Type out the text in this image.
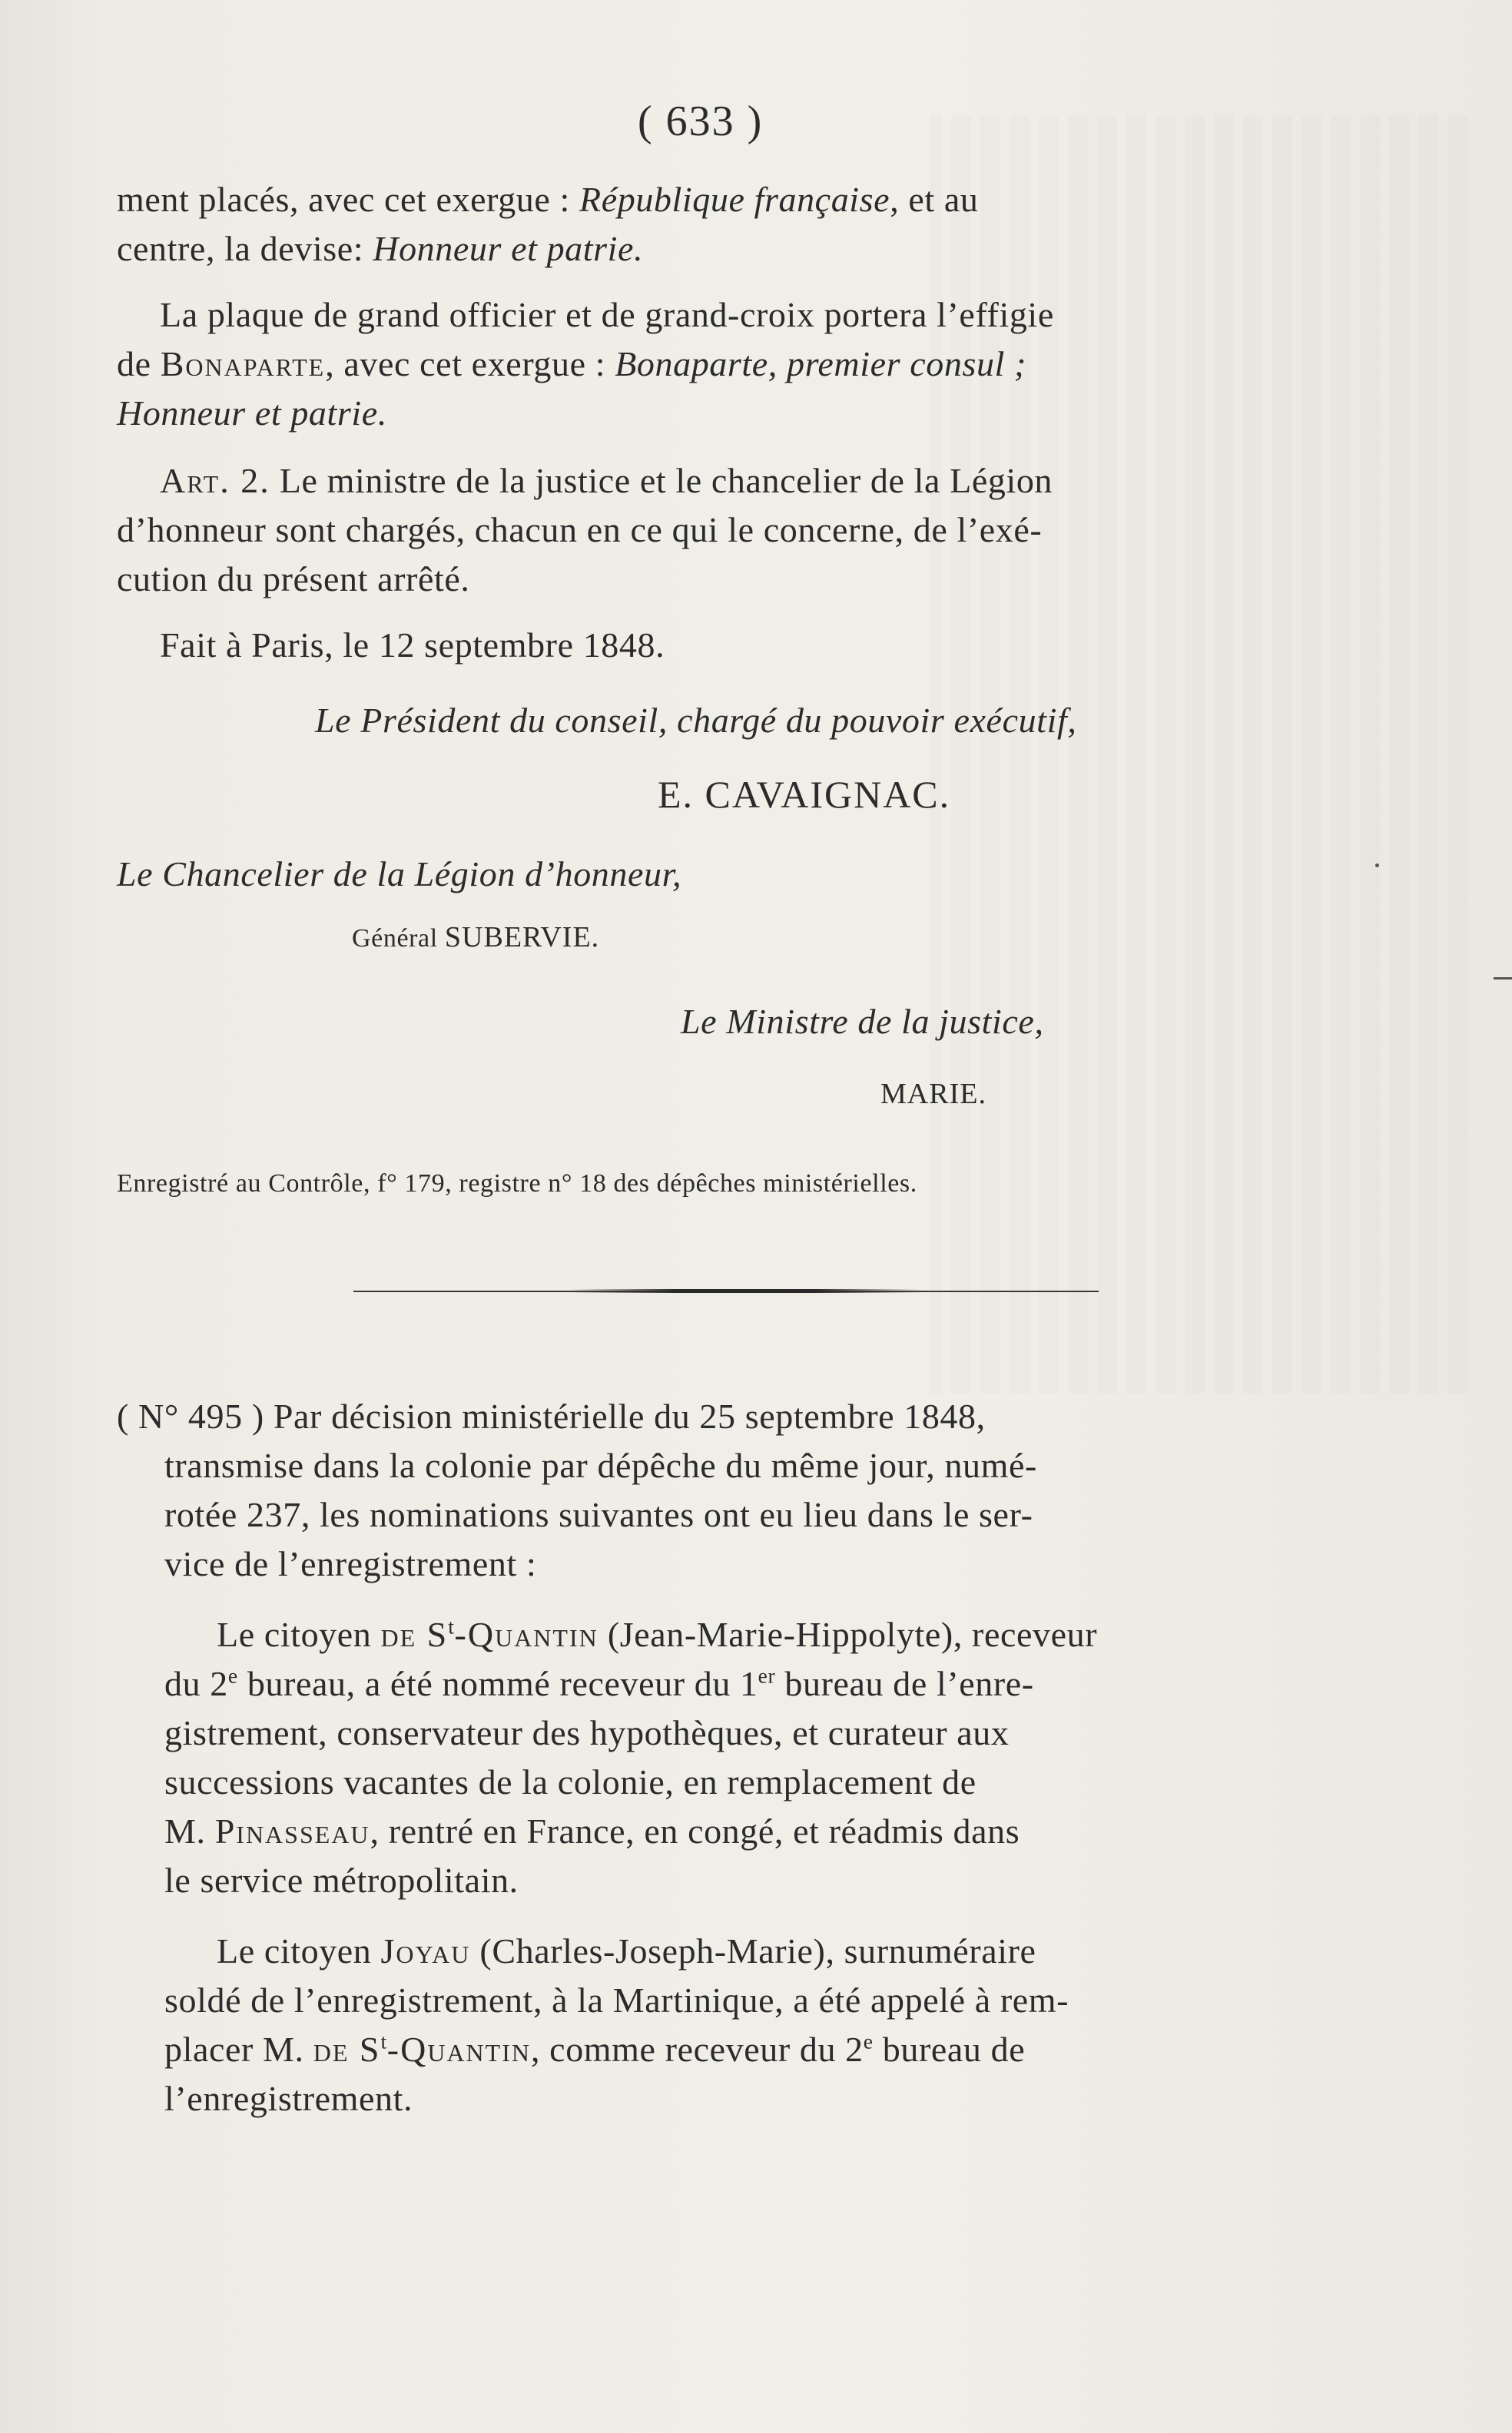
( 633 )
ment placés, avec cet exergue : République française, et au
centre, la devise: Honneur et patrie.
La plaque de grand officier et de grand-croix portera l’effigie
de Bonaparte, avec cet exergue : Bonaparte, premier consul ;
Honneur et patrie.
Art. 2. Le ministre de la justice et le chancelier de la Légion
d’honneur sont chargés, chacun en ce qui le concerne, de l’exé-
cution du présent arrêté.
Fait à Paris, le 12 septembre 1848.
Le Président du conseil, chargé du pouvoir exécutif,
E. CAVAIGNAC.
Le Chancelier de la Légion d’honneur,
Général SUBERVIE.
Le Ministre de la justice,
MARIE.
Enregistré au Contrôle, f° 179, registre n° 18 des dépêches ministérielles.
( N° 495 ) Par décision ministérielle du 25 septembre 1848,
transmise dans la colonie par dépêche du même jour, numé-
rotée 237, les nominations suivantes ont eu lieu dans le ser-
vice de l’enregistrement :
Le citoyen de $S^t$-Quantin (Jean-Marie-Hippolyte), receveur
du 2e bureau, a été nommé receveur du 1er bureau de l’enre-
gistrement, conservateur des hypothèques, et curateur aux
successions vacantes de la colonie, en remplacement de
M. Pinasseau, rentré en France, en congé, et réadmis dans
le service métropolitain.
Le citoyen Joyau (Charles-Joseph-Marie), surnuméraire
soldé de l’enregistrement, à la Martinique, a été appelé à rem-
placer M. de $S^t$-Quantin, comme receveur du 2e bureau de
l’enregistrement.
